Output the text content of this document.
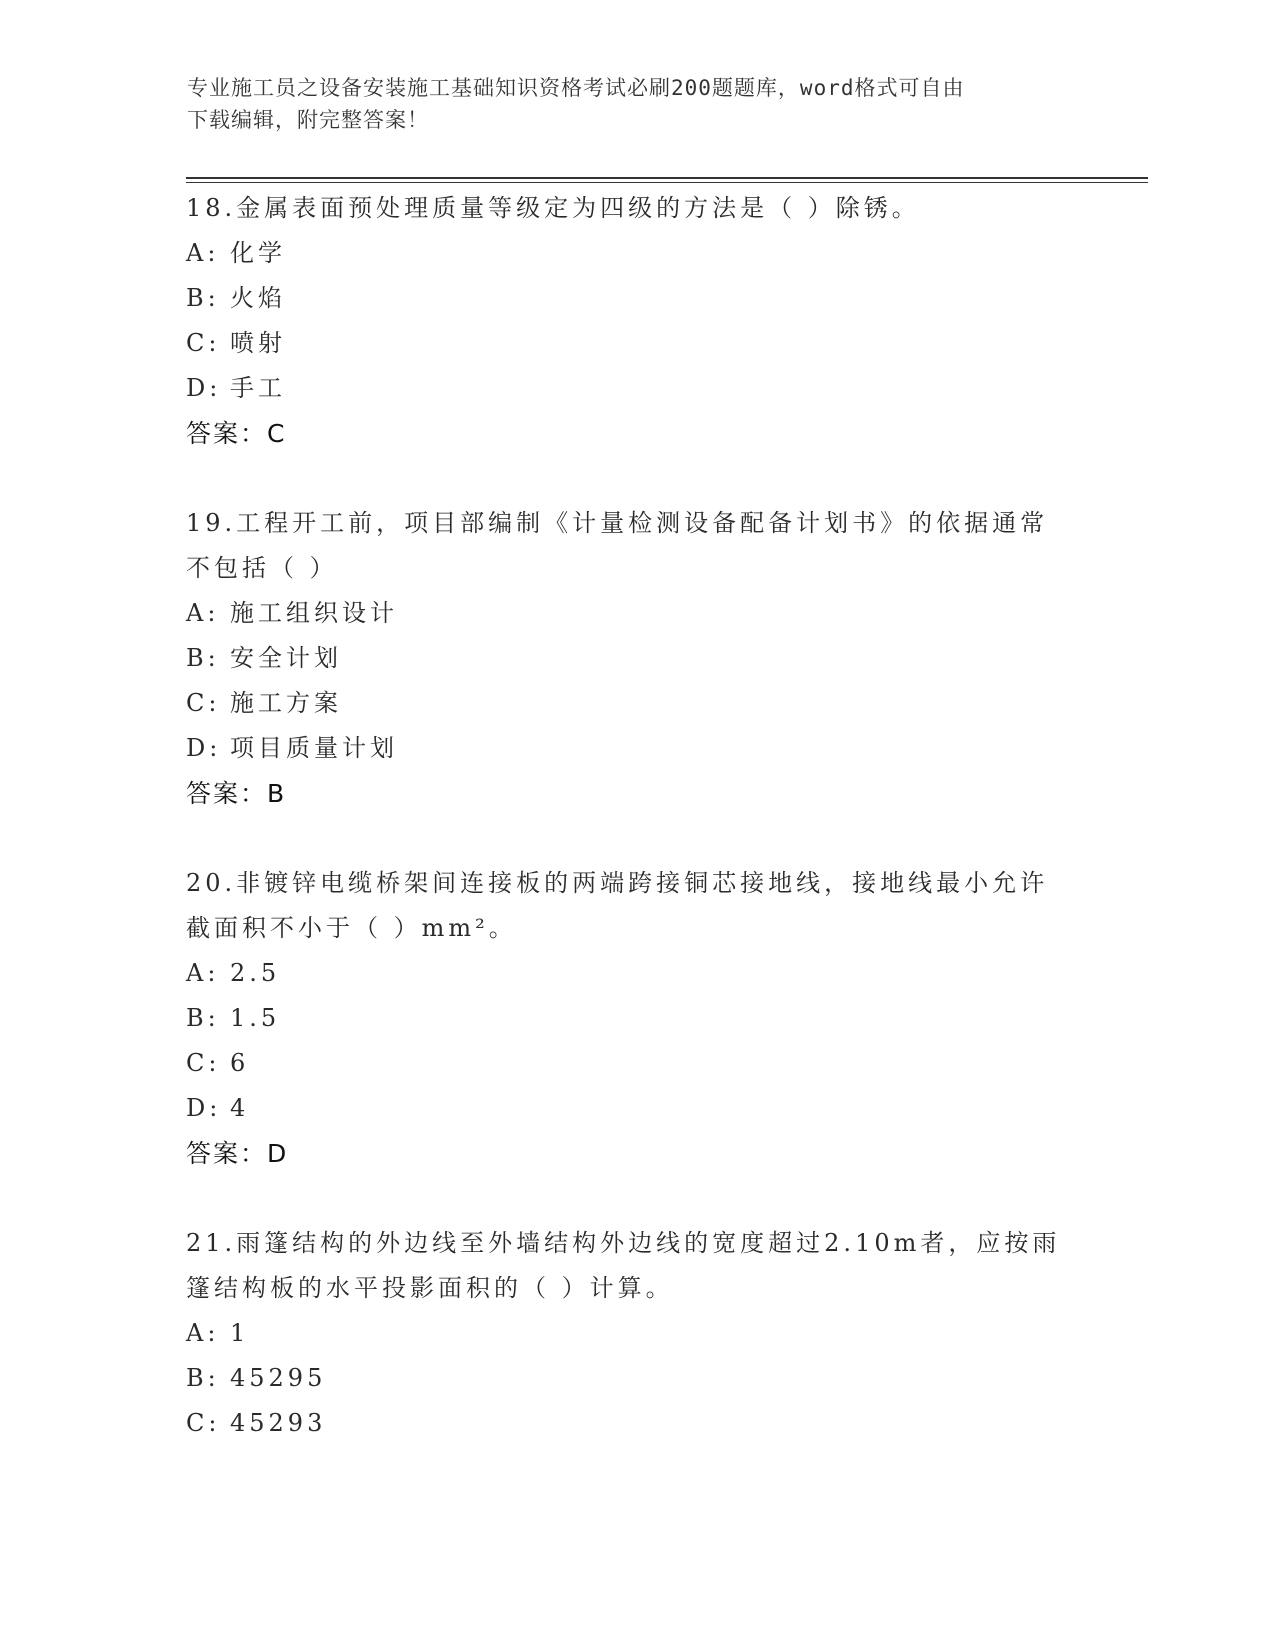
专业施工员之设备安装施工基础知识资格考试必刷200题题库，word格式可自由
下载编辑，附完整答案！
18.金属表面预处理质量等级定为四级的方法是（ ）除锈。
A: 化学
B: 火焰
C: 喷射
D: 手工
答案：C
19.工程开工前，项目部编制《计量检测设备配备计划书》的依据通常
不包括（ ）
A: 施工组织设计
B: 安全计划
C: 施工方案
D: 项目质量计划
答案：B
20.非镀锌电缆桥架间连接板的两端跨接铜芯接地线，接地线最小允许
截面积不小于（ ）mm²。
A: 2.5
B: 1.5
C: 6
D: 4
答案：D
21.雨篷结构的外边线至外墙结构外边线的宽度超过2.10m者，应按雨
篷结构板的水平投影面积的（ ）计算。
A: 1
B: 45295
C: 45293
